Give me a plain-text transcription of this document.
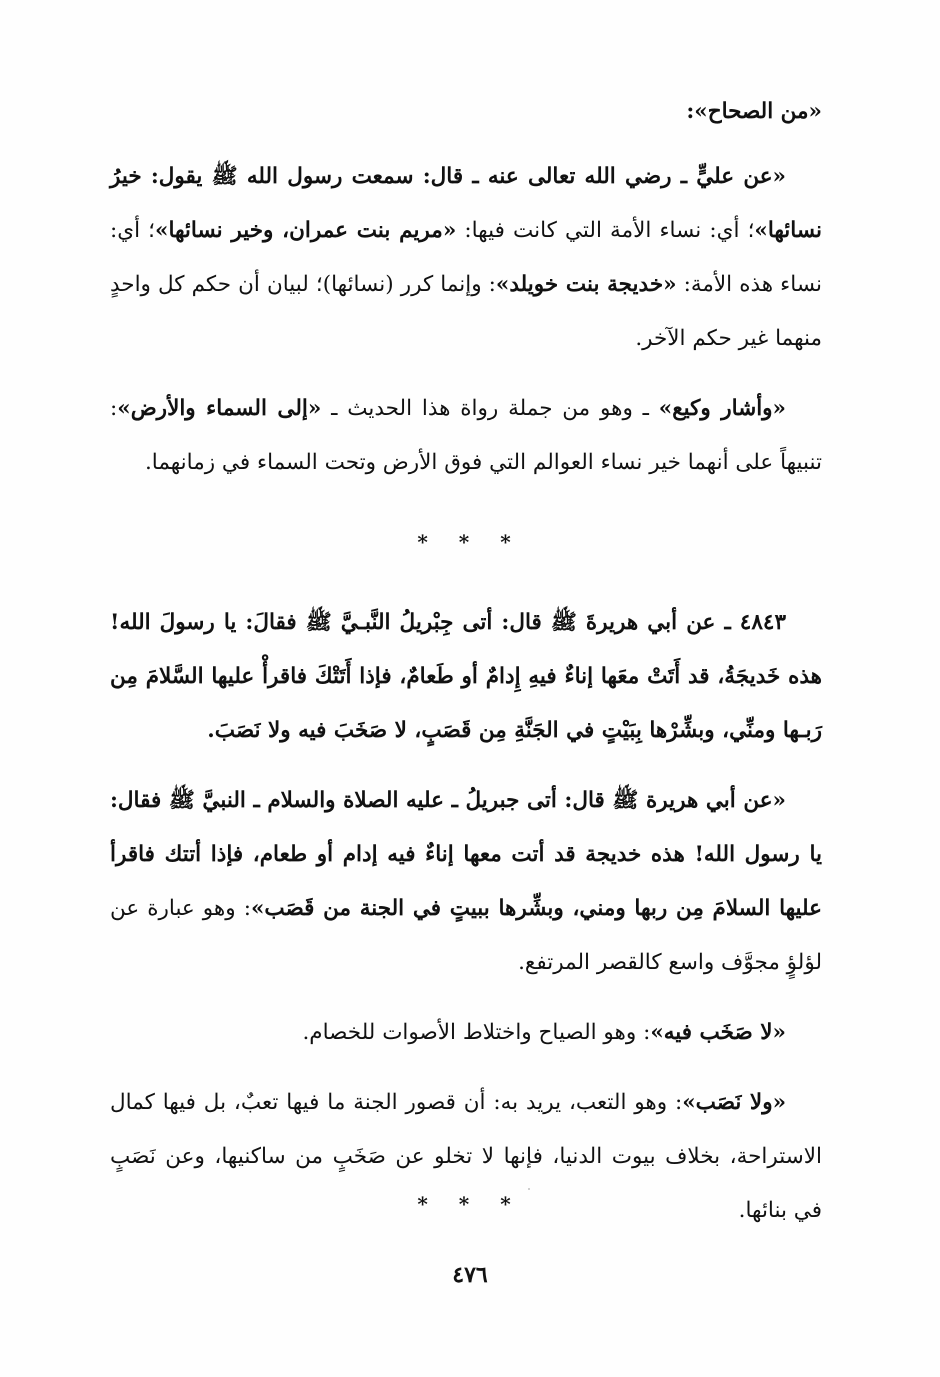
«من الصحاح»:

«عن عليٍّ ـ رضي الله تعالى عنه ـ قال: سمعت رسول الله ﷺ يقول: خيرُ نسائها»؛ أي: نساء الأمة التي كانت فيها: «مريم بنت عمران، وخير نسائها»؛ أي: نساء هذه الأمة: «خديجة بنت خويلد»: وإنما كرر (نسائها)؛ لبيان أن حكم كل واحدٍ منهما غير حكم الآخر.

«وأشار وكيع» ـ وهو من جملة رواة هذا الحديث ـ «إلى السماء والأرض»: تنبيهاً على أنهما خير نساء العوالم التي فوق الأرض وتحت السماء في زمانهما.

* * *

٤٨٤٣ ـ عن أبي هريرةَ ﷺ قال: أتى جِبْريلُ النَّبـيَّ ﷺ فقالَ: يا رسولَ الله! هذه خَديجَةُ، قد أَتَتْ معَها إناءٌ فيهِ إِدامٌ أو طَعامٌ، فإذا أَتَتْكَ فاقرأْ عليها السَّلامَ مِن رَبـها ومنِّي، وبشِّرْها بِبَيْتٍ في الجَنَّةِ مِن قَصَبٍ، لا صَخَبَ فيه ولا نَصَبَ.

«عن أبي هريرة ﷺ قال: أتى جبريلُ ـ عليه الصلاة والسلام ـ النبيَّ ﷺ فقال: يا رسول الله! هذه خديجة قد أتت معها إناءٌ فيه إدام أو طعام، فإذا أتتك فاقرأ عليها السلامَ مِن ربها ومني، وبشِّرها ببيتٍ في الجنة من قَصَب»: وهو عبارة عن لؤلؤٍ مجوَّف واسع كالقصر المرتفع.

«لا صَخَب فيه»: وهو الصياح واختلاط الأصوات للخصام.

«ولا نَصَب»: وهو التعب، يريد به: أن قصور الجنة ما فيها تعبٌ، بل فيها كمال الاستراحة، بخلاف بيوت الدنيا، فإنها لا تخلو عن صَخَبٍ من ساكنيها، وعن نَصَبٍ في بنائها.

* * *
٤٧٦
